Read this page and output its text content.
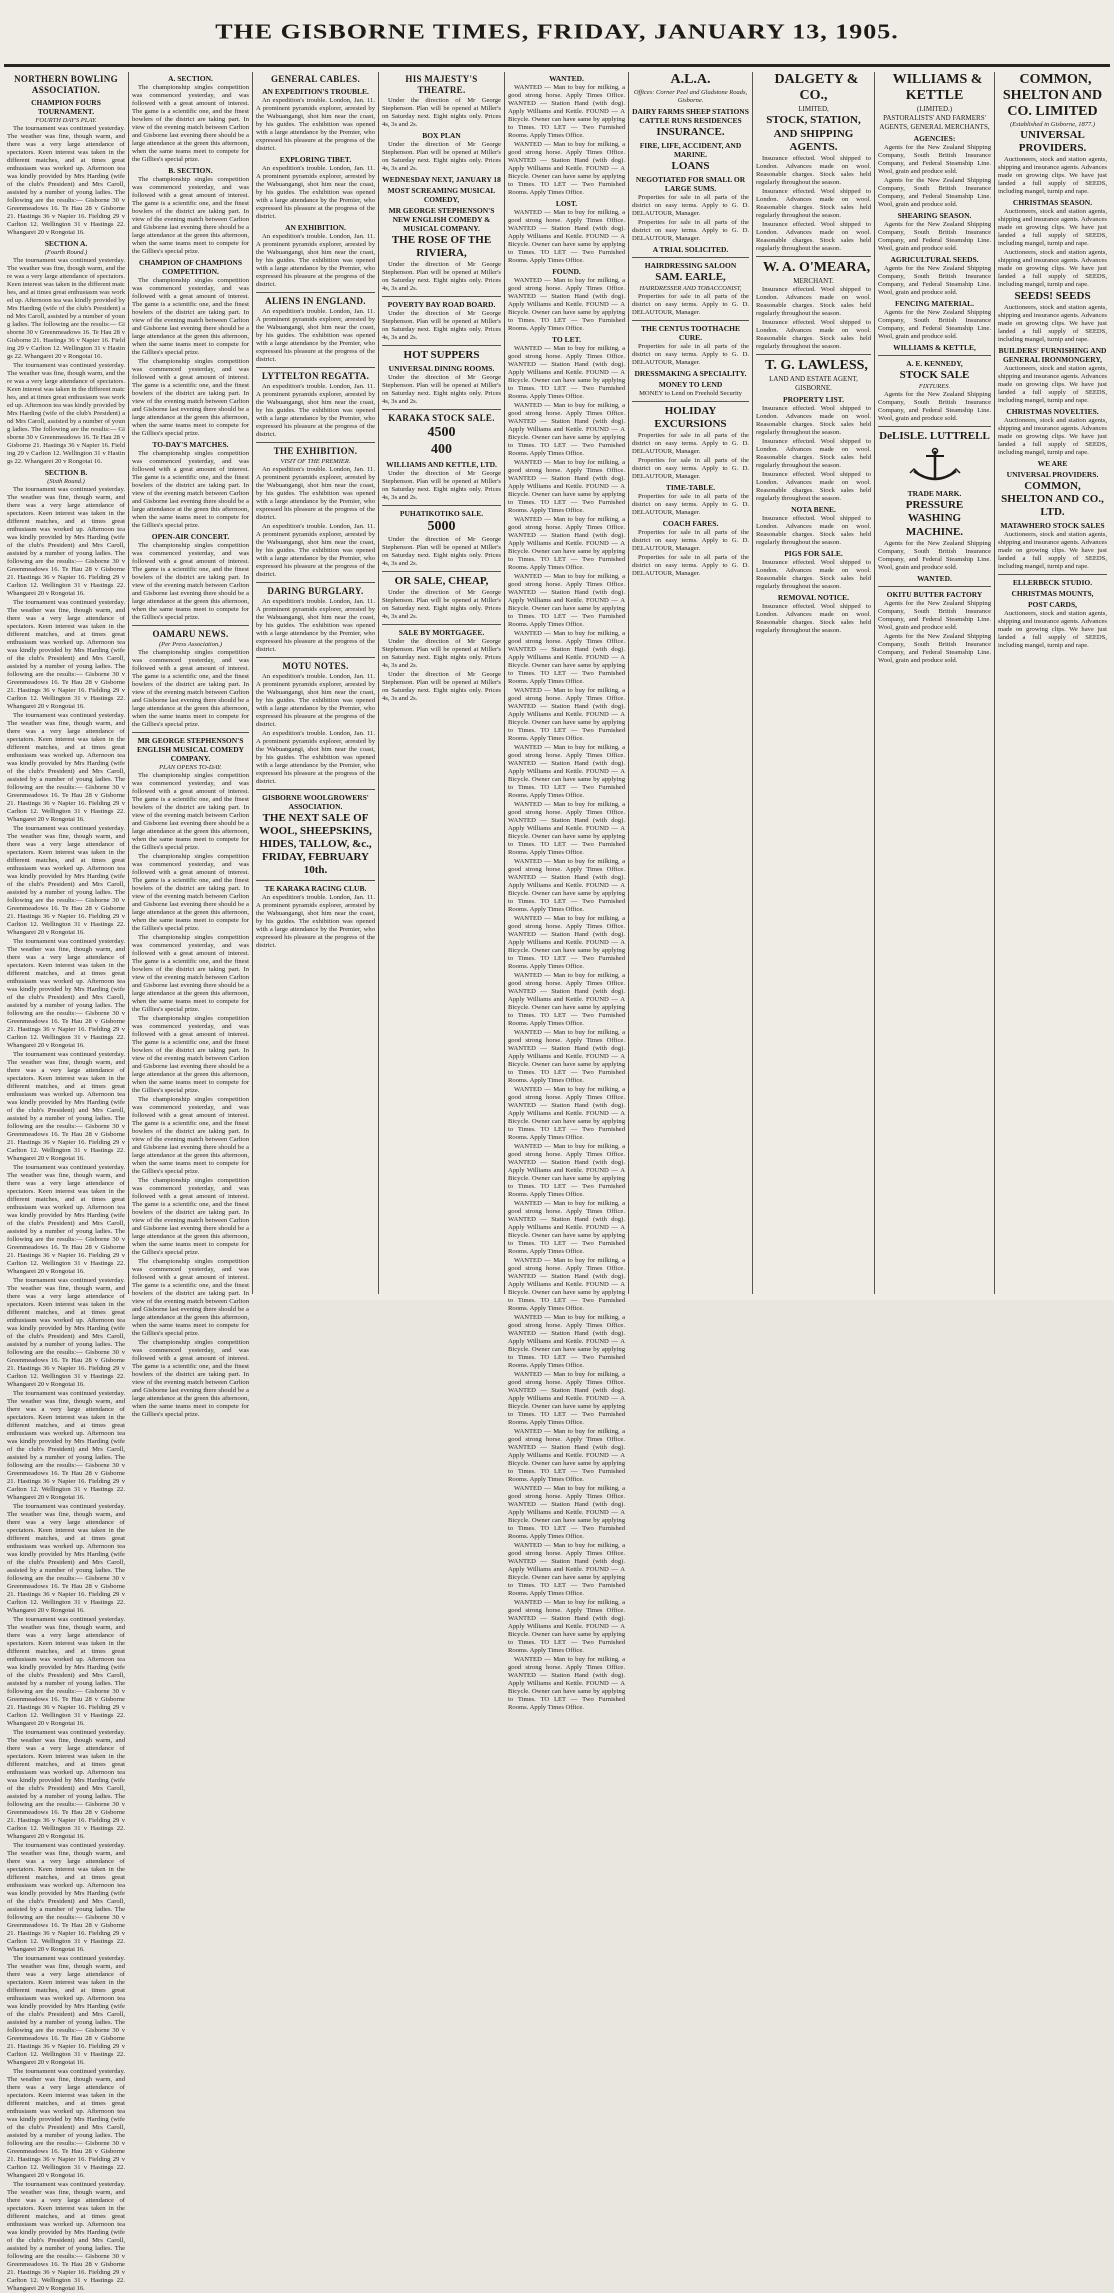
THE GISBORNE TIMES, FRIDAY, JANUARY 13, 1905.
NORTHERN BOWLING ASSOCIATION.
CHAMPION FOURS TOURNAMENT.
FOURTH DAY'S PLAY.

The tournament was continued yesterday. The weather was fine, though warm, and there was a very large attendance of spectators. Keen interest was taken in the different matches, and at times great enthusiasm was worked up. Afternoon tea was kindly provided by Mrs Harding (wife of the club's President) and Mrs Caroll, assisted by a number of young ladies. The following are the results:— Gisborne 30 v Greenmeadows 16. Te Hau 28 v Gisborne 21. Hastings 36 v Napier 16. Fielding 29 v Carlton 12. Wellington 31 v Hastings 22. Whangarei 20 v Rongotai 16.

SECTION A.
(Fourth Round.)

The tournament was continued yesterday. The weather was fine, though warm, and there was a very large attendance of spectators. Keen interest was taken in the different matches, and at times great enthusiasm was worked up. Afternoon tea was kindly provided by Mrs Harding (wife of the club's President) and Mrs Caroll, assisted by a number of young ladies. The following are the results:— Gisborne 30 v Greenmeadows 16. Te Hau 28 v Gisborne 21. Hastings 36 v Napier 16. Fielding 29 v Carlton 12. Wellington 31 v Hastings 22. Whangarei 20 v Rongotai 16.

The tournament was continued yesterday. The weather was fine, though warm, and there was a very large attendance of spectators. Keen interest was taken in the different matches, and at times great enthusiasm was worked up. Afternoon tea was kindly provided by Mrs Harding (wife of the club's President) and Mrs Caroll, assisted by a number of young ladies. The following are the results:— Gisborne 30 v Greenmeadows 16. Te Hau 28 v Gisborne 21. Hastings 36 v Napier 16. Fielding 29 v Carlton 12. Wellington 31 v Hastings 22. Whangarei 20 v Rongotai 16.

SECTION B.
(Sixth Round.)

The tournament was continued yesterday. The weather was fine, though warm, and there was a very large attendance of spectators. Keen interest was taken in the different matches, and at times great enthusiasm was worked up. Afternoon tea was kindly provided by Mrs Harding (wife of the club's President) and Mrs Caroll, assisted by a number of young ladies. The following are the results:— Gisborne 30 v Greenmeadows 16. Te Hau 28 v Gisborne 21. Hastings 36 v Napier 16. Fielding 29 v Carlton 12. Wellington 31 v Hastings 22. Whangarei 20 v Rongotai 16.

The tournament was continued yesterday. The weather was fine, though warm, and there was a very large attendance of spectators. Keen interest was taken in the different matches, and at times great enthusiasm was worked up. Afternoon tea was kindly provided by Mrs Harding (wife of the club's President) and Mrs Caroll, assisted by a number of young ladies. The following are the results:— Gisborne 30 v Greenmeadows 16. Te Hau 28 v Gisborne 21. Hastings 36 v Napier 16. Fielding 29 v Carlton 12. Wellington 31 v Hastings 22. Whangarei 20 v Rongotai 16.

The tournament was continued yesterday. The weather was fine, though warm, and there was a very large attendance of spectators. Keen interest was taken in the different matches, and at times great enthusiasm was worked up. Afternoon tea was kindly provided by Mrs Harding (wife of the club's President) and Mrs Caroll, assisted by a number of young ladies. The following are the results:— Gisborne 30 v Greenmeadows 16. Te Hau 28 v Gisborne 21. Hastings 36 v Napier 16. Fielding 29 v Carlton 12. Wellington 31 v Hastings 22. Whangarei 20 v Rongotai 16.

The tournament was continued yesterday. The weather was fine, though warm, and there was a very large attendance of spectators. Keen interest was taken in the different matches, and at times great enthusiasm was worked up. Afternoon tea was kindly provided by Mrs Harding (wife of the club's President) and Mrs Caroll, assisted by a number of young ladies. The following are the results:— Gisborne 30 v Greenmeadows 16. Te Hau 28 v Gisborne 21. Hastings 36 v Napier 16. Fielding 29 v Carlton 12. Wellington 31 v Hastings 22. Whangarei 20 v Rongotai 16.

The tournament was continued yesterday. The weather was fine, though warm, and there was a very large attendance of spectators. Keen interest was taken in the different matches, and at times great enthusiasm was worked up. Afternoon tea was kindly provided by Mrs Harding (wife of the club's President) and Mrs Caroll, assisted by a number of young ladies. The following are the results:— Gisborne 30 v Greenmeadows 16. Te Hau 28 v Gisborne 21. Hastings 36 v Napier 16. Fielding 29 v Carlton 12. Wellington 31 v Hastings 22. Whangarei 20 v Rongotai 16.

The tournament was continued yesterday. The weather was fine, though warm, and there was a very large attendance of spectators. Keen interest was taken in the different matches, and at times great enthusiasm was worked up. Afternoon tea was kindly provided by Mrs Harding (wife of the club's President) and Mrs Caroll, assisted by a number of young ladies. The following are the results:— Gisborne 30 v Greenmeadows 16. Te Hau 28 v Gisborne 21. Hastings 36 v Napier 16. Fielding 29 v Carlton 12. Wellington 31 v Hastings 22. Whangarei 20 v Rongotai 16.

The tournament was continued yesterday. The weather was fine, though warm, and there was a very large attendance of spectators. Keen interest was taken in the different matches, and at times great enthusiasm was worked up. Afternoon tea was kindly provided by Mrs Harding (wife of the club's President) and Mrs Caroll, assisted by a number of young ladies. The following are the results:— Gisborne 30 v Greenmeadows 16. Te Hau 28 v Gisborne 21. Hastings 36 v Napier 16. Fielding 29 v Carlton 12. Wellington 31 v Hastings 22. Whangarei 20 v Rongotai 16.

The tournament was continued yesterday. The weather was fine, though warm, and there was a very large attendance of spectators. Keen interest was taken in the different matches, and at times great enthusiasm was worked up. Afternoon tea was kindly provided by Mrs Harding (wife of the club's President) and Mrs Caroll, assisted by a number of young ladies. The following are the results:— Gisborne 30 v Greenmeadows 16. Te Hau 28 v Gisborne 21. Hastings 36 v Napier 16. Fielding 29 v Carlton 12. Wellington 31 v Hastings 22. Whangarei 20 v Rongotai 16.

The tournament was continued yesterday. The weather was fine, though warm, and there was a very large attendance of spectators. Keen interest was taken in the different matches, and at times great enthusiasm was worked up. Afternoon tea was kindly provided by Mrs Harding (wife of the club's President) and Mrs Caroll, assisted by a number of young ladies. The following are the results:— Gisborne 30 v Greenmeadows 16. Te Hau 28 v Gisborne 21. Hastings 36 v Napier 16. Fielding 29 v Carlton 12. Wellington 31 v Hastings 22. Whangarei 20 v Rongotai 16.

The tournament was continued yesterday. The weather was fine, though warm, and there was a very large attendance of spectators. Keen interest was taken in the different matches, and at times great enthusiasm was worked up. Afternoon tea was kindly provided by Mrs Harding (wife of the club's President) and Mrs Caroll, assisted by a number of young ladies. The following are the results:— Gisborne 30 v Greenmeadows 16. Te Hau 28 v Gisborne 21. Hastings 36 v Napier 16. Fielding 29 v Carlton 12. Wellington 31 v Hastings 22. Whangarei 20 v Rongotai 16.

The tournament was continued yesterday. The weather was fine, though warm, and there was a very large attendance of spectators. Keen interest was taken in the different matches, and at times great enthusiasm was worked up. Afternoon tea was kindly provided by Mrs Harding (wife of the club's President) and Mrs Caroll, assisted by a number of young ladies. The following are the results:— Gisborne 30 v Greenmeadows 16. Te Hau 28 v Gisborne 21. Hastings 36 v Napier 16. Fielding 29 v Carlton 12. Wellington 31 v Hastings 22. Whangarei 20 v Rongotai 16.

The tournament was continued yesterday. The weather was fine, though warm, and there was a very large attendance of spectators. Keen interest was taken in the different matches, and at times great enthusiasm was worked up. Afternoon tea was kindly provided by Mrs Harding (wife of the club's President) and Mrs Caroll, assisted by a number of young ladies. The following are the results:— Gisborne 30 v Greenmeadows 16. Te Hau 28 v Gisborne 21. Hastings 36 v Napier 16. Fielding 29 v Carlton 12. Wellington 31 v Hastings 22. Whangarei 20 v Rongotai 16.

The tournament was continued yesterday. The weather was fine, though warm, and there was a very large attendance of spectators. Keen interest was taken in the different matches, and at times great enthusiasm was worked up. Afternoon tea was kindly provided by Mrs Harding (wife of the club's President) and Mrs Caroll, assisted by a number of young ladies. The following are the results:— Gisborne 30 v Greenmeadows 16. Te Hau 28 v Gisborne 21. Hastings 36 v Napier 16. Fielding 29 v Carlton 12. Wellington 31 v Hastings 22. Whangarei 20 v Rongotai 16.

The tournament was continued yesterday. The weather was fine, though warm, and there was a very large attendance of spectators. Keen interest was taken in the different matches, and at times great enthusiasm was worked up. Afternoon tea was kindly provided by Mrs Harding (wife of the club's President) and Mrs Caroll, assisted by a number of young ladies. The following are the results:— Gisborne 30 v Greenmeadows 16. Te Hau 28 v Gisborne 21. Hastings 36 v Napier 16. Fielding 29 v Carlton 12. Wellington 31 v Hastings 22. Whangarei 20 v Rongotai 16.

The tournament was continued yesterday. The weather was fine, though warm, and there was a very large attendance of spectators. Keen interest was taken in the different matches, and at times great enthusiasm was worked up. Afternoon tea was kindly provided by Mrs Harding (wife of the club's President) and Mrs Caroll, assisted by a number of young ladies. The following are the results:— Gisborne 30 v Greenmeadows 16. Te Hau 28 v Gisborne 21. Hastings 36 v Napier 16. Fielding 29 v Carlton 12. Wellington 31 v Hastings 22. Whangarei 20 v Rongotai 16.

The tournament was continued yesterday. The weather was fine, though warm, and there was a very large attendance of spectators. Keen interest was taken in the different matches, and at times great enthusiasm was worked up. Afternoon tea was kindly provided by Mrs Harding (wife of the club's President) and Mrs Caroll, assisted by a number of young ladies. The following are the results:— Gisborne 30 v Greenmeadows 16. Te Hau 28 v Gisborne 21. Hastings 36 v Napier 16. Fielding 29 v Carlton 12. Wellington 31 v Hastings 22. Whangarei 20 v Rongotai 16.

A. SECTION.

The championship singles competition was commenced yesterday, and was followed with a great amount of interest. The game is a scientific one, and the finest bowlers of the district are taking part. In view of the evening match between Carlton and Gisborne last evening there should be a large attendance at the green this afternoon, when the same teams meet to compete for the Gillies's special prize.

B. SECTION.

The championship singles competition was commenced yesterday, and was followed with a great amount of interest. The game is a scientific one, and the finest bowlers of the district are taking part. In view of the evening match between Carlton and Gisborne last evening there should be a large attendance at the green this afternoon, when the same teams meet to compete for the Gillies's special prize.

CHAMPION OF CHAMPIONS COMPETITION.

The championship singles competition was commenced yesterday, and was followed with a great amount of interest. The game is a scientific one, and the finest bowlers of the district are taking part. In view of the evening match between Carlton and Gisborne last evening there should be a large attendance at the green this afternoon, when the same teams meet to compete for the Gillies's special prize.

The championship singles competition was commenced yesterday, and was followed with a great amount of interest. The game is a scientific one, and the finest bowlers of the district are taking part. In view of the evening match between Carlton and Gisborne last evening there should be a large attendance at the green this afternoon, when the same teams meet to compete for the Gillies's special prize.

TO-DAY'S MATCHES.

The championship singles competition was commenced yesterday, and was followed with a great amount of interest. The game is a scientific one, and the finest bowlers of the district are taking part. In view of the evening match between Carlton and Gisborne last evening there should be a large attendance at the green this afternoon, when the same teams meet to compete for the Gillies's special prize.

OPEN-AIR CONCERT.

The championship singles competition was commenced yesterday, and was followed with a great amount of interest. The game is a scientific one, and the finest bowlers of the district are taking part. In view of the evening match between Carlton and Gisborne last evening there should be a large attendance at the green this afternoon, when the same teams meet to compete for the Gillies's special prize.

OAMARU NEWS.
(Per Press Association.)

The championship singles competition was commenced yesterday, and was followed with a great amount of interest. The game is a scientific one, and the finest bowlers of the district are taking part. In view of the evening match between Carlton and Gisborne last evening there should be a large attendance at the green this afternoon, when the same teams meet to compete for the Gillies's special prize.

MR GEORGE STEPHENSON'S ENGLISH MUSICAL COMEDY COMPANY.
PLAN OPENS TO-DAY.

The championship singles competition was commenced yesterday, and was followed with a great amount of interest. The game is a scientific one, and the finest bowlers of the district are taking part. In view of the evening match between Carlton and Gisborne last evening there should be a large attendance at the green this afternoon, when the same teams meet to compete for the Gillies's special prize.

The championship singles competition was commenced yesterday, and was followed with a great amount of interest. The game is a scientific one, and the finest bowlers of the district are taking part. In view of the evening match between Carlton and Gisborne last evening there should be a large attendance at the green this afternoon, when the same teams meet to compete for the Gillies's special prize.

The championship singles competition was commenced yesterday, and was followed with a great amount of interest. The game is a scientific one, and the finest bowlers of the district are taking part. In view of the evening match between Carlton and Gisborne last evening there should be a large attendance at the green this afternoon, when the same teams meet to compete for the Gillies's special prize.

The championship singles competition was commenced yesterday, and was followed with a great amount of interest. The game is a scientific one, and the finest bowlers of the district are taking part. In view of the evening match between Carlton and Gisborne last evening there should be a large attendance at the green this afternoon, when the same teams meet to compete for the Gillies's special prize.

The championship singles competition was commenced yesterday, and was followed with a great amount of interest. The game is a scientific one, and the finest bowlers of the district are taking part. In view of the evening match between Carlton and Gisborne last evening there should be a large attendance at the green this afternoon, when the same teams meet to compete for the Gillies's special prize.

The championship singles competition was commenced yesterday, and was followed with a great amount of interest. The game is a scientific one, and the finest bowlers of the district are taking part. In view of the evening match between Carlton and Gisborne last evening there should be a large attendance at the green this afternoon, when the same teams meet to compete for the Gillies's special prize.

The championship singles competition was commenced yesterday, and was followed with a great amount of interest. The game is a scientific one, and the finest bowlers of the district are taking part. In view of the evening match between Carlton and Gisborne last evening there should be a large attendance at the green this afternoon, when the same teams meet to compete for the Gillies's special prize.

The championship singles competition was commenced yesterday, and was followed with a great amount of interest. The game is a scientific one, and the finest bowlers of the district are taking part. In view of the evening match between Carlton and Gisborne last evening there should be a large attendance at the green this afternoon, when the same teams meet to compete for the Gillies's special prize.

GENERAL CABLES.
AN EXPEDITION'S TROUBLE.

An expedition's trouble. London, Jan. 11. A prominent pyramids explorer, arrested by the Wabuangangi, shot him near the coast, by his guides. The exhibition was opened with a large attendance by the Premier, who expressed his pleasure at the progress of the district.

EXPLORING TIBET.

An expedition's trouble. London, Jan. 11. A prominent pyramids explorer, arrested by the Wabuangangi, shot him near the coast, by his guides. The exhibition was opened with a large attendance by the Premier, who expressed his pleasure at the progress of the district.

AN EXHIBITION.

An expedition's trouble. London, Jan. 11. A prominent pyramids explorer, arrested by the Wabuangangi, shot him near the coast, by his guides. The exhibition was opened with a large attendance by the Premier, who expressed his pleasure at the progress of the district.

ALIENS IN ENGLAND.

An expedition's trouble. London, Jan. 11. A prominent pyramids explorer, arrested by the Wabuangangi, shot him near the coast, by his guides. The exhibition was opened with a large attendance by the Premier, who expressed his pleasure at the progress of the district.

LYTTELTON REGATTA.

An expedition's trouble. London, Jan. 11. A prominent pyramids explorer, arrested by the Wabuangangi, shot him near the coast, by his guides. The exhibition was opened with a large attendance by the Premier, who expressed his pleasure at the progress of the district.

THE EXHIBITION.
VISIT OF THE PREMIER.

An expedition's trouble. London, Jan. 11. A prominent pyramids explorer, arrested by the Wabuangangi, shot him near the coast, by his guides. The exhibition was opened with a large attendance by the Premier, who expressed his pleasure at the progress of the district.

An expedition's trouble. London, Jan. 11. A prominent pyramids explorer, arrested by the Wabuangangi, shot him near the coast, by his guides. The exhibition was opened with a large attendance by the Premier, who expressed his pleasure at the progress of the district.

DARING BURGLARY.

An expedition's trouble. London, Jan. 11. A prominent pyramids explorer, arrested by the Wabuangangi, shot him near the coast, by his guides. The exhibition was opened with a large attendance by the Premier, who expressed his pleasure at the progress of the district.

MOTU NOTES.

An expedition's trouble. London, Jan. 11. A prominent pyramids explorer, arrested by the Wabuangangi, shot him near the coast, by his guides. The exhibition was opened with a large attendance by the Premier, who expressed his pleasure at the progress of the district.

An expedition's trouble. London, Jan. 11. A prominent pyramids explorer, arrested by the Wabuangangi, shot him near the coast, by his guides. The exhibition was opened with a large attendance by the Premier, who expressed his pleasure at the progress of the district.

GISBORNE WOOLGROWERS' ASSOCIATION.

THE NEXT SALE OF WOOL, SHEEPSKINS, HIDES, TALLOW, &c., FRIDAY, FEBRUARY 10th.

TE KARAKA RACING CLUB.

An expedition's trouble. London, Jan. 11. A prominent pyramids explorer, arrested by the Wabuangangi, shot him near the coast, by his guides. The exhibition was opened with a large attendance by the Premier, who expressed his pleasure at the progress of the district.

HIS MAJESTY'S THEATRE.

Under the direction of Mr George Stephenson. Plan will be opened at Miller's on Saturday next. Eight nights only. Prices 4s, 3s and 2s.

BOX PLAN

Under the direction of Mr George Stephenson. Plan will be opened at Miller's on Saturday next. Eight nights only. Prices 4s, 3s and 2s.

WEDNESDAY NEXT, JANUARY 18
MOST SCREAMING MUSICAL COMEDY,
MR GEORGE STEPHENSON'S NEW ENGLISH COMEDY & MUSICAL COMPANY.

THE ROSE OF THE RIVIERA,

Under the direction of Mr George Stephenson. Plan will be opened at Miller's on Saturday next. Eight nights only. Prices 4s, 3s and 2s.

POVERTY BAY ROAD BOARD.

Under the direction of Mr George Stephenson. Plan will be opened at Miller's on Saturday next. Eight nights only. Prices 4s, 3s and 2s.

HOT SUPPERS

UNIVERSAL DINING ROOMS.

Under the direction of Mr George Stephenson. Plan will be opened at Miller's on Saturday next. Eight nights only. Prices 4s, 3s and 2s.

KARAKA STOCK SALE.

4500

400

WILLIAMS AND KETTLE, LTD.

Under the direction of Mr George Stephenson. Plan will be opened at Miller's on Saturday next. Eight nights only. Prices 4s, 3s and 2s.

PUHATIKOTIKO SALE.

5000

Under the direction of Mr George Stephenson. Plan will be opened at Miller's on Saturday next. Eight nights only. Prices 4s, 3s and 2s.

OR SALE, CHEAP,

Under the direction of Mr George Stephenson. Plan will be opened at Miller's on Saturday next. Eight nights only. Prices 4s, 3s and 2s.

SALE BY MORTGAGEE.

Under the direction of Mr George Stephenson. Plan will be opened at Miller's on Saturday next. Eight nights only. Prices 4s, 3s and 2s.

Under the direction of Mr George Stephenson. Plan will be opened at Miller's on Saturday next. Eight nights only. Prices 4s, 3s and 2s.

WANTED.

WANTED — Man to buy for milking, a good strong horse. Apply Times Office. WANTED — Station Hand (with dog). Apply Williams and Kettle. FOUND — A Bicycle. Owner can have same by applying to Times. TO LET — Two Furnished Rooms. Apply Times Office.

WANTED — Man to buy for milking, a good strong horse. Apply Times Office. WANTED — Station Hand (with dog). Apply Williams and Kettle. FOUND — A Bicycle. Owner can have same by applying to Times. TO LET — Two Furnished Rooms. Apply Times Office.

LOST.

WANTED — Man to buy for milking, a good strong horse. Apply Times Office. WANTED — Station Hand (with dog). Apply Williams and Kettle. FOUND — A Bicycle. Owner can have same by applying to Times. TO LET — Two Furnished Rooms. Apply Times Office.

FOUND.

WANTED — Man to buy for milking, a good strong horse. Apply Times Office. WANTED — Station Hand (with dog). Apply Williams and Kettle. FOUND — A Bicycle. Owner can have same by applying to Times. TO LET — Two Furnished Rooms. Apply Times Office.

TO LET.

WANTED — Man to buy for milking, a good strong horse. Apply Times Office. WANTED — Station Hand (with dog). Apply Williams and Kettle. FOUND — A Bicycle. Owner can have same by applying to Times. TO LET — Two Furnished Rooms. Apply Times Office.

WANTED — Man to buy for milking, a good strong horse. Apply Times Office. WANTED — Station Hand (with dog). Apply Williams and Kettle. FOUND — A Bicycle. Owner can have same by applying to Times. TO LET — Two Furnished Rooms. Apply Times Office.

WANTED — Man to buy for milking, a good strong horse. Apply Times Office. WANTED — Station Hand (with dog). Apply Williams and Kettle. FOUND — A Bicycle. Owner can have same by applying to Times. TO LET — Two Furnished Rooms. Apply Times Office.

WANTED — Man to buy for milking, a good strong horse. Apply Times Office. WANTED — Station Hand (with dog). Apply Williams and Kettle. FOUND — A Bicycle. Owner can have same by applying to Times. TO LET — Two Furnished Rooms. Apply Times Office.

WANTED — Man to buy for milking, a good strong horse. Apply Times Office. WANTED — Station Hand (with dog). Apply Williams and Kettle. FOUND — A Bicycle. Owner can have same by applying to Times. TO LET — Two Furnished Rooms. Apply Times Office.

WANTED — Man to buy for milking, a good strong horse. Apply Times Office. WANTED — Station Hand (with dog). Apply Williams and Kettle. FOUND — A Bicycle. Owner can have same by applying to Times. TO LET — Two Furnished Rooms. Apply Times Office.

WANTED — Man to buy for milking, a good strong horse. Apply Times Office. WANTED — Station Hand (with dog). Apply Williams and Kettle. FOUND — A Bicycle. Owner can have same by applying to Times. TO LET — Two Furnished Rooms. Apply Times Office.

WANTED — Man to buy for milking, a good strong horse. Apply Times Office. WANTED — Station Hand (with dog). Apply Williams and Kettle. FOUND — A Bicycle. Owner can have same by applying to Times. TO LET — Two Furnished Rooms. Apply Times Office.

WANTED — Man to buy for milking, a good strong horse. Apply Times Office. WANTED — Station Hand (with dog). Apply Williams and Kettle. FOUND — A Bicycle. Owner can have same by applying to Times. TO LET — Two Furnished Rooms. Apply Times Office.

WANTED — Man to buy for milking, a good strong horse. Apply Times Office. WANTED — Station Hand (with dog). Apply Williams and Kettle. FOUND — A Bicycle. Owner can have same by applying to Times. TO LET — Two Furnished Rooms. Apply Times Office.

WANTED — Man to buy for milking, a good strong horse. Apply Times Office. WANTED — Station Hand (with dog). Apply Williams and Kettle. FOUND — A Bicycle. Owner can have same by applying to Times. TO LET — Two Furnished Rooms. Apply Times Office.

WANTED — Man to buy for milking, a good strong horse. Apply Times Office. WANTED — Station Hand (with dog). Apply Williams and Kettle. FOUND — A Bicycle. Owner can have same by applying to Times. TO LET — Two Furnished Rooms. Apply Times Office.

WANTED — Man to buy for milking, a good strong horse. Apply Times Office. WANTED — Station Hand (with dog). Apply Williams and Kettle. FOUND — A Bicycle. Owner can have same by applying to Times. TO LET — Two Furnished Rooms. Apply Times Office.

WANTED — Man to buy for milking, a good strong horse. Apply Times Office. WANTED — Station Hand (with dog). Apply Williams and Kettle. FOUND — A Bicycle. Owner can have same by applying to Times. TO LET — Two Furnished Rooms. Apply Times Office.

WANTED — Man to buy for milking, a good strong horse. Apply Times Office. WANTED — Station Hand (with dog). Apply Williams and Kettle. FOUND — A Bicycle. Owner can have same by applying to Times. TO LET — Two Furnished Rooms. Apply Times Office.

WANTED — Man to buy for milking, a good strong horse. Apply Times Office. WANTED — Station Hand (with dog). Apply Williams and Kettle. FOUND — A Bicycle. Owner can have same by applying to Times. TO LET — Two Furnished Rooms. Apply Times Office.

WANTED — Man to buy for milking, a good strong horse. Apply Times Office. WANTED — Station Hand (with dog). Apply Williams and Kettle. FOUND — A Bicycle. Owner can have same by applying to Times. TO LET — Two Furnished Rooms. Apply Times Office.

WANTED — Man to buy for milking, a good strong horse. Apply Times Office. WANTED — Station Hand (with dog). Apply Williams and Kettle. FOUND — A Bicycle. Owner can have same by applying to Times. TO LET — Two Furnished Rooms. Apply Times Office.

WANTED — Man to buy for milking, a good strong horse. Apply Times Office. WANTED — Station Hand (with dog). Apply Williams and Kettle. FOUND — A Bicycle. Owner can have same by applying to Times. TO LET — Two Furnished Rooms. Apply Times Office.

WANTED — Man to buy for milking, a good strong horse. Apply Times Office. WANTED — Station Hand (with dog). Apply Williams and Kettle. FOUND — A Bicycle. Owner can have same by applying to Times. TO LET — Two Furnished Rooms. Apply Times Office.

WANTED — Man to buy for milking, a good strong horse. Apply Times Office. WANTED — Station Hand (with dog). Apply Williams and Kettle. FOUND — A Bicycle. Owner can have same by applying to Times. TO LET — Two Furnished Rooms. Apply Times Office.

WANTED — Man to buy for milking, a good strong horse. Apply Times Office. WANTED — Station Hand (with dog). Apply Williams and Kettle. FOUND — A Bicycle. Owner can have same by applying to Times. TO LET — Two Furnished Rooms. Apply Times Office.

WANTED — Man to buy for milking, a good strong horse. Apply Times Office. WANTED — Station Hand (with dog). Apply Williams and Kettle. FOUND — A Bicycle. Owner can have same by applying to Times. TO LET — Two Furnished Rooms. Apply Times Office.

WANTED — Man to buy for milking, a good strong horse. Apply Times Office. WANTED — Station Hand (with dog). Apply Williams and Kettle. FOUND — A Bicycle. Owner can have same by applying to Times. TO LET — Two Furnished Rooms. Apply Times Office.

A.L.A.

Offices: Corner Peel and Gladstone Roads, Gisborne.
DAIRY FARMS SHEEP STATIONS CATTLE RUNS RESIDENCES

INSURANCE.

FIRE, LIFE, ACCIDENT, AND MARINE.

LOANS

NEGOTIATED FOR SMALL OR LARGE SUMS.

Properties for sale in all parts of the district on easy terms. Apply to G. D. DELAUTOUR, Manager.

Properties for sale in all parts of the district on easy terms. Apply to G. D. DELAUTOUR, Manager.

A TRIAL SOLICITED.
HAIRDRESSING SALOON

SAM. EARLE,

HAIRDRESSER AND TOBACCONIST,

Properties for sale in all parts of the district on easy terms. Apply to G. D. DELAUTOUR, Manager.

THE CENTUS TOOTHACHE CURE.

Properties for sale in all parts of the district on easy terms. Apply to G. D. DELAUTOUR, Manager.

DRESSMAKING A SPECIALITY.
MONEY TO LEND

MONEY to Lend on Freehold Security

HOLIDAY EXCURSIONS

Properties for sale in all parts of the district on easy terms. Apply to G. D. DELAUTOUR, Manager.

Properties for sale in all parts of the district on easy terms. Apply to G. D. DELAUTOUR, Manager.

TIME-TABLE.

Properties for sale in all parts of the district on easy terms. Apply to G. D. DELAUTOUR, Manager.

COACH FARES.

Properties for sale in all parts of the district on easy terms. Apply to G. D. DELAUTOUR, Manager.

Properties for sale in all parts of the district on easy terms. Apply to G. D. DELAUTOUR, Manager.

DALGETY & CO.,

LIMITED,

STOCK, STATION,

AND SHIPPING AGENTS.

Insurance effected. Wool shipped to London. Advances made on wool. Reasonable charges. Stock sales held regularly throughout the season.

Insurance effected. Wool shipped to London. Advances made on wool. Reasonable charges. Stock sales held regularly throughout the season.

Insurance effected. Wool shipped to London. Advances made on wool. Reasonable charges. Stock sales held regularly throughout the season.

W. A. O'MEARA,

MERCHANT.

Insurance effected. Wool shipped to London. Advances made on wool. Reasonable charges. Stock sales held regularly throughout the season.

Insurance effected. Wool shipped to London. Advances made on wool. Reasonable charges. Stock sales held regularly throughout the season.

T. G. LAWLESS,

LAND AND ESTATE AGENT, GISBORNE.
PROPERTY LIST.

Insurance effected. Wool shipped to London. Advances made on wool. Reasonable charges. Stock sales held regularly throughout the season.

Insurance effected. Wool shipped to London. Advances made on wool. Reasonable charges. Stock sales held regularly throughout the season.

Insurance effected. Wool shipped to London. Advances made on wool. Reasonable charges. Stock sales held regularly throughout the season.

NOTA BENE.

Insurance effected. Wool shipped to London. Advances made on wool. Reasonable charges. Stock sales held regularly throughout the season.

PIGS FOR SALE.

Insurance effected. Wool shipped to London. Advances made on wool. Reasonable charges. Stock sales held regularly throughout the season.

REMOVAL NOTICE.

Insurance effected. Wool shipped to London. Advances made on wool. Reasonable charges. Stock sales held regularly throughout the season.

WILLIAMS & KETTLE

(LIMITED.)
PASTORALISTS' AND FARMERS' AGENTS, GENERAL MERCHANTS,
AGENCIES:

Agents for the New Zealand Shipping Company, South British Insurance Company, and Federal Steamship Line. Wool, grain and produce sold.

Agents for the New Zealand Shipping Company, South British Insurance Company, and Federal Steamship Line. Wool, grain and produce sold.

SHEARING SEASON.

Agents for the New Zealand Shipping Company, South British Insurance Company, and Federal Steamship Line. Wool, grain and produce sold.

AGRICULTURAL SEEDS.

Agents for the New Zealand Shipping Company, South British Insurance Company, and Federal Steamship Line. Wool, grain and produce sold.

FENCING MATERIAL.

Agents for the New Zealand Shipping Company, South British Insurance Company, and Federal Steamship Line. Wool, grain and produce sold.

WILLIAMS & KETTLE,
A. E. KENNEDY,

STOCK SALE

FIXTURES.

Agents for the New Zealand Shipping Company, South British Insurance Company, and Federal Steamship Line. Wool, grain and produce sold.

DeLISLE. LUTTRELL

TRADE MARK.

PRESSURE WASHING

MACHINE.

Agents for the New Zealand Shipping Company, South British Insurance Company, and Federal Steamship Line. Wool, grain and produce sold.

WANTED.
OKITU BUTTER FACTORY

Agents for the New Zealand Shipping Company, South British Insurance Company, and Federal Steamship Line. Wool, grain and produce sold.

Agents for the New Zealand Shipping Company, South British Insurance Company, and Federal Steamship Line. Wool, grain and produce sold.

COMMON, SHELTON AND CO. LIMITED

(Established in Gisborne, 1877.)

UNIVERSAL PROVIDERS.

Auctioneers, stock and station agents, shipping and insurance agents. Advances made on growing clips. We have just landed a full supply of SEEDS, including mangel, turnip and rape.

CHRISTMAS SEASON.

Auctioneers, stock and station agents, shipping and insurance agents. Advances made on growing clips. We have just landed a full supply of SEEDS, including mangel, turnip and rape.

Auctioneers, stock and station agents, shipping and insurance agents. Advances made on growing clips. We have just landed a full supply of SEEDS, including mangel, turnip and rape.

SEEDS! SEEDS

Auctioneers, stock and station agents, shipping and insurance agents. Advances made on growing clips. We have just landed a full supply of SEEDS, including mangel, turnip and rape.

BUILDERS' FURNISHING AND GENERAL IRONMONGERY,

Auctioneers, stock and station agents, shipping and insurance agents. Advances made on growing clips. We have just landed a full supply of SEEDS, including mangel, turnip and rape.

CHRISTMAS NOVELTIES.

Auctioneers, stock and station agents, shipping and insurance agents. Advances made on growing clips. We have just landed a full supply of SEEDS, including mangel, turnip and rape.

WE ARE
UNIVERSAL PROVIDERS.

COMMON, SHELTON AND CO., LTD.

MATAWHERO STOCK SALES

Auctioneers, stock and station agents, shipping and insurance agents. Advances made on growing clips. We have just landed a full supply of SEEDS, including mangel, turnip and rape.

ELLERBECK STUDIO.
CHRISTMAS MOUNTS,
POST CARDS,

Auctioneers, stock and station agents, shipping and insurance agents. Advances made on growing clips. We have just landed a full supply of SEEDS, including mangel, turnip and rape.
